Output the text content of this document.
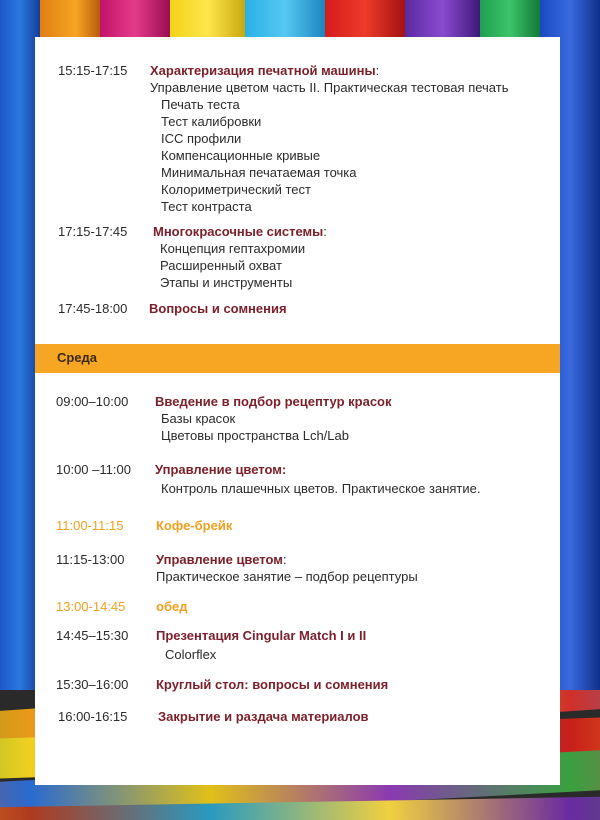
15:15-17:15 Характеризация печатной машины:
Управление цветом часть II. Практическая тестовая печать
Печать теста
Тест калибровки
ICC профили
Компенсационные кривые
Минимальная печатаемая точка
Колориметрический тест
Тест контраста
17:15-17:45 Многокрасочные системы:
Концепция гептахромии
Расширенный охват
Этапы и инструменты
17:45-18:00 Вопросы и сомнения
Среда
09:00–10:00 Введение в подбор рецептур красок
Базы красок
Цветовы пространства Lch/Lab
10:00 –11:00 Управление цветом:
Контроль плашечных цветов. Практическое занятие.
11:00-11:15	Кофе-брейк
11:15-13:00 Управление цветом:
Практическое занятие – подбор рецептуры
13:00-14:45 обед
14:45–15:30 Презентация Cingular Match I и II
Colorflex
15:30–16:00 Круглый стол: вопросы и сомнения
16:00-16:15 Закрытие и раздача материалов
